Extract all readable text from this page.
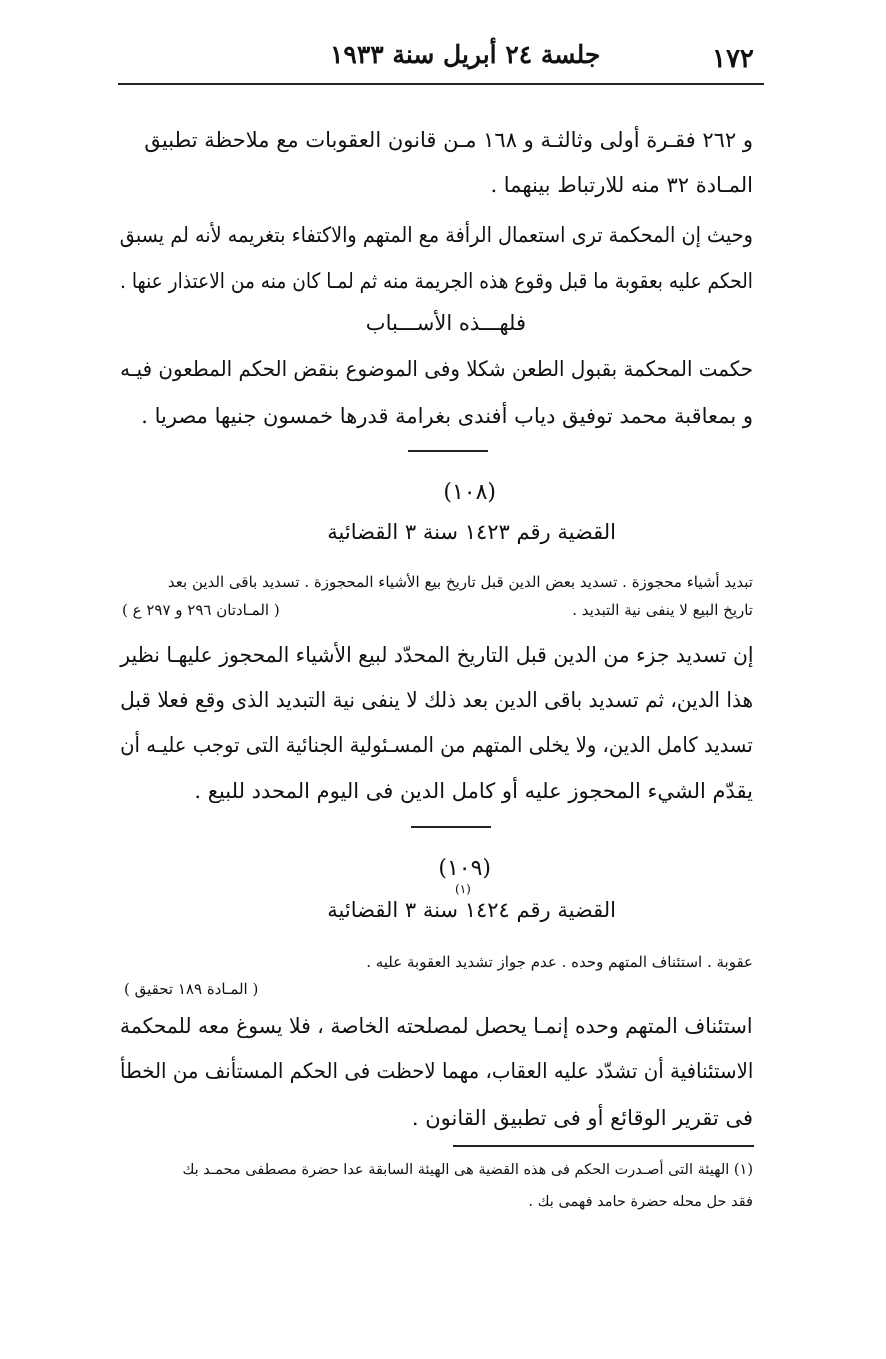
١٧٢
جلسة ٢٤ أبريل سنة ١٩٣٣
و ٢٦٢ فقـرة أولى وثالثـة و ١٦٨ مـن قانون العقوبات مع ملاحظة تطبيق
المـادة ٣٢ منه للارتباط بينهما .
وحيث إن المحكمة ترى استعمال الرأفة مع المتهم والاكتفاء بتغريمه لأنه لم يسبق
الحكم عليه بعقوبة ما قبل وقوع هذه الجريمة منه ثم لمـا كان منه من الاعتذار عنها .
فلهـــذه الأســـباب
حكمت المحكمة بقبول الطعن شكلا وفى الموضوع بنقض الحكم المطعون فيـه
و بمعاقبة محمد توفيق دياب أفندى بغرامة قدرها خمسون جنيها مصريا .
(١٠٨)
القضية رقم ١٤٢٣ سنة ٣ القضائية
تبديد أشياء محجوزة . تسديد بعض الدين قبل تاريخ بيع الأشياء المحجوزة . تسديد باقى الدين بعد
تاريخ البيع لا ينفى نية التبديد .
( المـادتان ٢٩٦ و ٢٩٧ ع )
إن تسديد جزء من الدين قبل التاريخ المحدّد لبيع الأشياء المحجوز عليهـا نظير
هذا الدين، ثم تسديد باقى الدين بعد ذلك لا ينفى نية التبديد الذى وقع فعلا قبل
تسديد كامل الدين، ولا يخلى المتهم من المسـئولية الجنائية التى توجب عليـه أن
يقدّم الشيء المحجوز عليه أو كامل الدين فى اليوم المحدد للبيع .
(١٠٩)
(١)
القضية رقم ١٤٢٤ سنة ٣ القضائية
عقوبة . استئناف المتهم وحده . عدم جواز تشديد العقوبة عليه .
( المـادة ١٨٩ تحقيق )
استئناف المتهم وحده إنمـا يحصل لمصلحته الخاصة ، فلا يسوغ معه للمحكمة
الاستئنافية أن تشدّد عليه العقاب، مهما لاحظت فى الحكم المستأنف من الخطأ
فى تقرير الوقائع أو فى تطبيق القانون .
(١) الهيئة التى أصـدرت الحكم فى هذه القضية هى الهيئة السابقة عدا حضرة مصطفى محمـد بك
فقد حل محله حضرة حامد فهمى بك .
